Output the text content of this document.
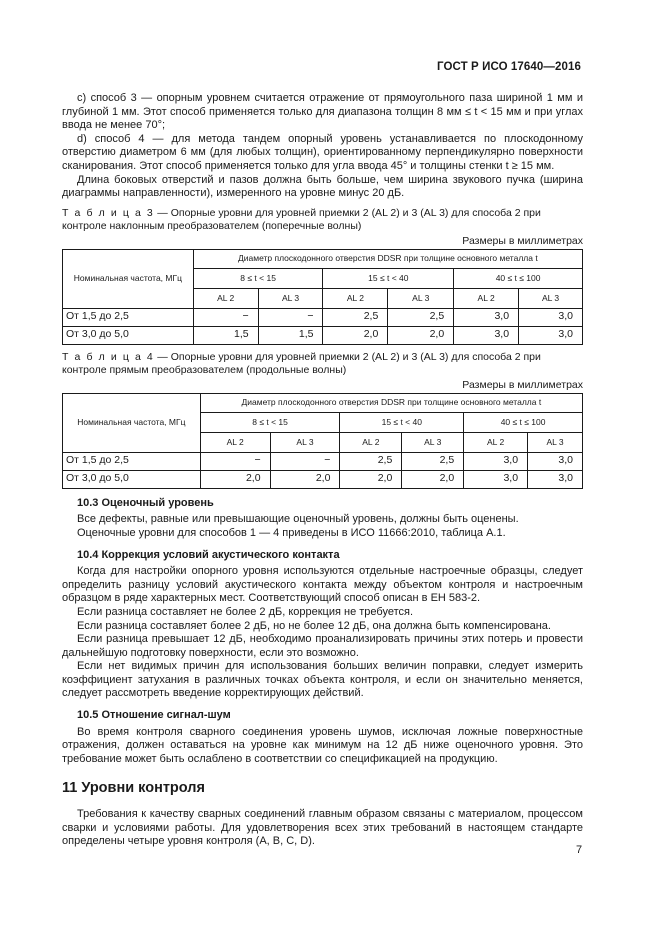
ГОСТ Р ИСО 17640—2016

c) способ 3 — опорным уровнем считается отражение от прямоугольного паза шириной 1 мм и глубиной 1 мм. Этот способ применяется только для диапазона толщин 8 мм ≤ t < 15 мм и при углах ввода не менее 70°;

d) способ 4 — для метода тандем опорный уровень устанавливается по плоскодонному отверстию диаметром 6 мм (для любых толщин), ориентированному перпендикулярно поверхности сканирования. Этот способ применяется только для угла ввода 45° и толщины стенки t ≥ 15 мм.

Длина боковых отверстий и пазов должна быть больше, чем ширина звукового пучка (ширина диаграммы направленности), измеренного на уровне минус 20 дБ.

Т а б л и ц а 3 — Опорные уровни для уровней приемки 2 (AL 2) и 3 (AL 3) для способа 2 при контроле наклонным преобразователем (поперечные волны)

Размеры в миллиметрах
Номинальная частота, МГц	Диаметр плоскодонного отверстия DDSR при толщине основного металла t					
	8 ≤ t < 15		15 ≤ t < 40		40 ≤ t ≤ 100	
	AL 2	AL 3	AL 2	AL 3	AL 2	AL 3
От 1,5 до 2,5	−	−	2,5	2,5	3,0	3,0
От 3,0 до 5,0	1,5	1,5	2,0	2,0	3,0	3,0

Т а б л и ц а 4 — Опорные уровни для уровней приемки 2 (AL 2) и 3 (AL 3) для способа 2 при контроле прямым преобразователем (продольные волны)

Размеры в миллиметрах
Номинальная частота, МГц	Диаметр плоскодонного отверстия DDSR при толщине основного металла t					
	8 ≤ t < 15		15 ≤ t < 40		40 ≤ t ≤ 100	
	AL 2	AL 3	AL 2	AL 3	AL 2	AL 3
От 1,5 до 2,5	−	−	2,5	2,5	3,0	3,0
От 3,0 до 5,0	2,0	2,0	2,0	2,0	3,0	3,0
10.3 Оценочный уровень

Все дефекты, равные или превышающие оценочный уровень, должны быть оценены.

Оценочные уровни для способов 1 — 4 приведены в ИСО 11666:2010, таблица А.1.

10.4 Коррекция условий акустического контакта

Когда для настройки опорного уровня используются отдельные настроечные образцы, следует определить разницу условий акустического контакта между объектом контроля и настроечным образцом в ряде характерных мест. Соответствующий способ описан в ЕН 583-2.

Если разница составляет не более 2 дБ, коррекция не требуется.

Если разница составляет более 2 дБ, но не более 12 дБ, она должна быть компенсирована.

Если разница превышает 12 дБ, необходимо проанализировать причины этих потерь и провести дальнейшую подготовку поверхности, если это возможно.

Если нет видимых причин для использования больших величин поправки, следует измерить коэффициент затухания в различных точках объекта контроля, и если он значительно меняется, следует рассмотреть введение корректирующих действий.

10.5 Отношение сигнал-шум

Во время контроля сварного соединения уровень шумов, исключая ложные поверхностные отражения, должен оставаться на уровне как минимум на 12 дБ ниже оценочного уровня. Это требование может быть ослаблено в соответствии со спецификацией на продукцию.

11 Уровни контроля

Требования к качеству сварных соединений главным образом связаны с материалом, процессом сварки и условиями работы. Для удовлетворения всех этих требований в настоящем стандарте определены четыре уровня контроля (А, В, С, D).

7
